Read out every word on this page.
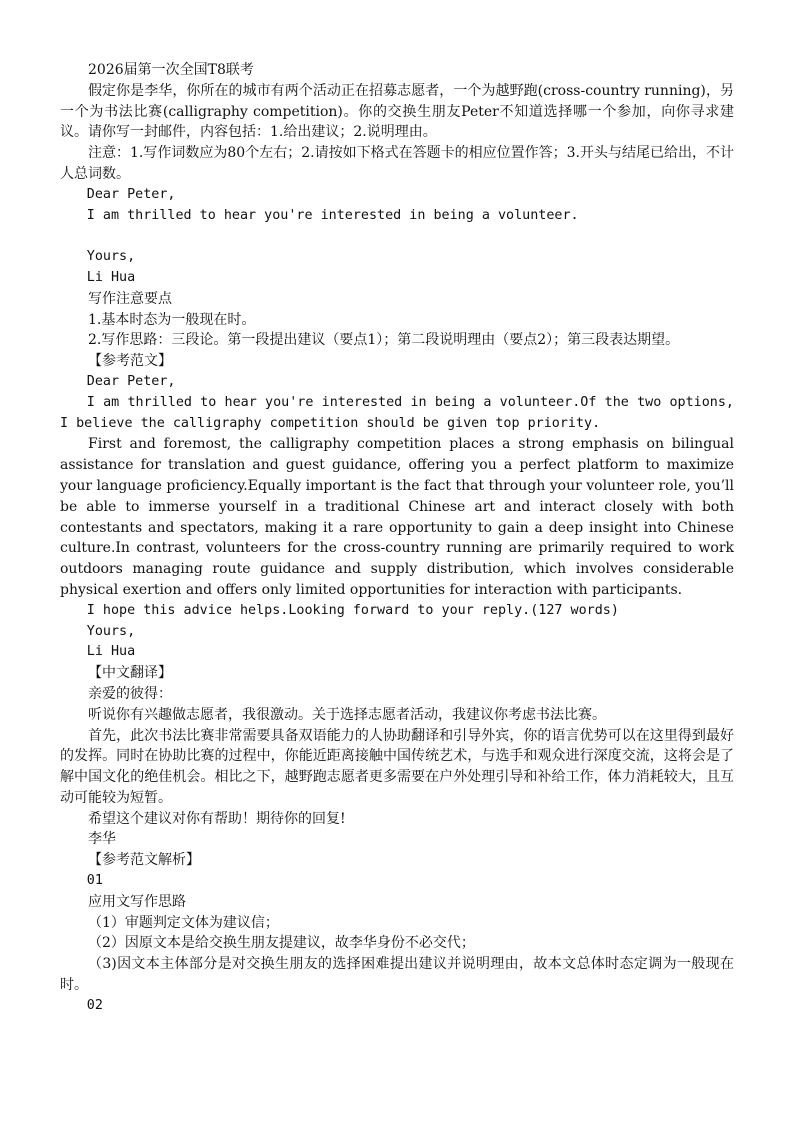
2026届第一次全国T8联考

假定你是李华，你所在的城市有两个活动正在招募志愿者，一个为越野跑(cross-country running)，另一个为书法比赛(calligraphy competition)。你的交换生朋友Peter不知道选择哪一个参加，向你寻求建议。请你写一封邮件，内容包括：1.给出建议；2.说明理由。

注意：1.写作词数应为80个左右；2.请按如下格式在答题卡的相应位置作答；3.开头与结尾已给出，不计人总词数。

Dear Peter,

I am thrilled to hear you're interested in being a volunteer.

Yours,

Li Hua

写作注意要点

1.基本时态为一般现在时。

2.写作思路：三段论。第一段提出建议（要点1）；第二段说明理由（要点2）；第三段表达期望。

【参考范文】

Dear Peter,

I am thrilled to hear you're interested in being a volunteer.Of the two options, I believe the calligraphy competition should be given top priority.

First and foremost, the calligraphy competition places a strong emphasis on bilingual assistance for translation and guest guidance, offering you a perfect platform to maximize your language proficiency.Equally important is the fact that through your volunteer role, you’ll be able to immerse yourself in a traditional Chinese art and interact closely with both contestants and spectators, making it a rare opportunity to gain a deep insight into Chinese culture.In contrast, volunteers for the cross-country running are primarily required to work outdoors managing route guidance and supply distribution, which involves considerable physical exertion and offers only limited opportunities for interaction with participants.

I hope this advice helps.Looking forward to your reply.(127 words)

Yours,

Li Hua

【中文翻译】

亲爱的彼得：

听说你有兴趣做志愿者，我很激动。关于选择志愿者活动，我建议你考虑书法比赛。

首先，此次书法比赛非常需要具备双语能力的人协助翻译和引导外宾，你的语言优势可以在这里得到最好的发挥。同时在协助比赛的过程中，你能近距离接触中国传统艺术，与选手和观众进行深度交流，这将会是了解中国文化的绝佳机会。相比之下，越野跑志愿者更多需要在户外处理引导和补给工作，体力消耗较大，且互动可能较为短暂。

希望这个建议对你有帮助！期待你的回复!

李华

【参考范文解析】

01

应用文写作思路

（1）审题判定文体为建议信；

（2）因原文本是给交换生朋友提建议，故李华身份不必交代；

（3)因文本主体部分是对交换生朋友的选择困难提出建议并说明理由，故本文总体时态定调为一般现在时。

02
